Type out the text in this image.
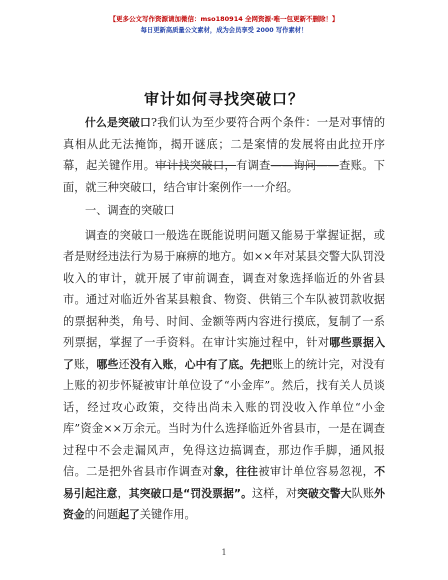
【更多公文写作资源请加微信：mso180914 全网资源·唯一包更新不删除！】
每日更新高质量公文素材，成为会员享受 2000 写作素材！
审计如何寻找突破口？

什么是突破口?我们认为至少要符合两个条件：一是对事情的真相从此无法掩饰，揭开谜底；二是案情的发展将由此拉开序幕，起关键作用。审计找突破口，有调查——询问——查账。下面，就三种突破口，结合审计案例作一一介绍。

一、调查的突破口

调查的突破口一般选在既能说明问题又能易于掌握证据，或者是财经违法行为易于麻痹的地方。如××年对某县交警大队罚没收入的审计，就开展了审前调查，调查对象选择临近的外省县市。通过对临近外省某县粮食、物资、供销三个车队被罚款收据的票据种类，角号、时间、金额等两内容进行摸底，复制了一系列票据，掌握了一手资料。在审计实施过程中，针对哪些票据入了账，哪些还没有入账，心中有了底。先把账上的统计完，对没有上账的初步怀疑被审计单位设了“小金库”。然后，找有关人员谈话，经过攻心政策，交待出尚未入账的罚没收入作单位“小金库”资金××万余元。当时为什么选择临近外省县市，一是在调查过程中不会走漏风声，免得这边搞调查，那边作手脚，通风报信。二是把外省县市作调查对象，往往被审计单位容易忽视，不易引起注意，其突破口是“罚没票据”。这样，对突破交警大队账外资金的问题起了关键作用。

1
